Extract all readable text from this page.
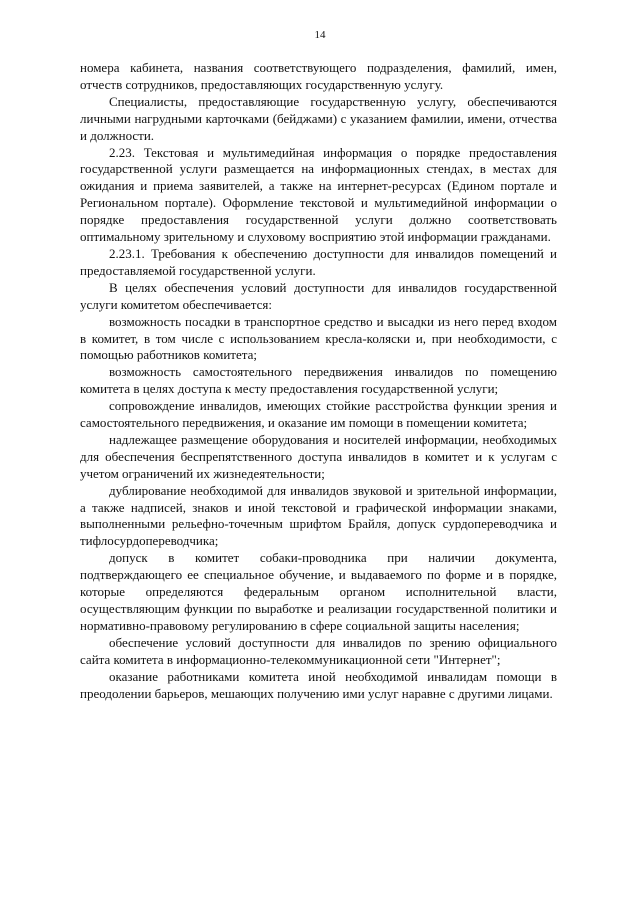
14

номера кабинета, названия соответствующего подразделения, фамилий, имен, отчеств сотрудников, предоставляющих государственную услугу.

Специалисты, предоставляющие государственную услугу, обеспечиваются личными нагрудными карточками (бейджами) с указанием фамилии, имени, отчества и должности.

2.23. Текстовая и мультимедийная информация о порядке предоставления государственной услуги размещается на информационных стендах, в местах для ожидания и приема заявителей, а также на интернет-ресурсах (Едином портале и Региональном портале). Оформление текстовой и мультимедийной информации о порядке предоставления государственной услуги должно соответствовать оптимальному зрительному и слуховому восприятию этой информации гражданами.

2.23.1. Требования к обеспечению доступности для инвалидов помещений и предоставляемой государственной услуги.

В целях обеспечения условий доступности для инвалидов государственной услуги комитетом обеспечивается:

возможность посадки в транспортное средство и высадки из него перед входом в комитет, в том числе с использованием кресла-коляски и, при необходимости, с помощью работников комитета;

возможность самостоятельного передвижения инвалидов по помещению комитета в целях доступа к месту предоставления государственной услуги;

сопровождение инвалидов, имеющих стойкие расстройства функции зрения и самостоятельного передвижения, и оказание им помощи в помещении комитета;

надлежащее размещение оборудования и носителей информации, необходимых для обеспечения беспрепятственного доступа инвалидов в комитет и к услугам с учетом ограничений их жизнедеятельности;

дублирование необходимой для инвалидов звуковой и зрительной информации, а также надписей, знаков и иной текстовой и графической информации знаками, выполненными рельефно-точечным шрифтом Брайля, допуск сурдопереводчика и тифлосурдопереводчика;

допуск в комитет собаки-проводника при наличии документа, подтверждающего ее специальное обучение, и выдаваемого по форме и в порядке, которые определяются федеральным органом исполнительной власти, осуществляющим функции по выработке и реализации государственной политики и нормативно-правовому регулированию в сфере социальной защиты населения;

обеспечение условий доступности для инвалидов по зрению официального сайта комитета в информационно-телекоммуникационной сети "Интернет";

оказание работниками комитета иной необходимой инвалидам помощи в преодолении барьеров, мешающих получению ими услуг наравне с другими лицами.
